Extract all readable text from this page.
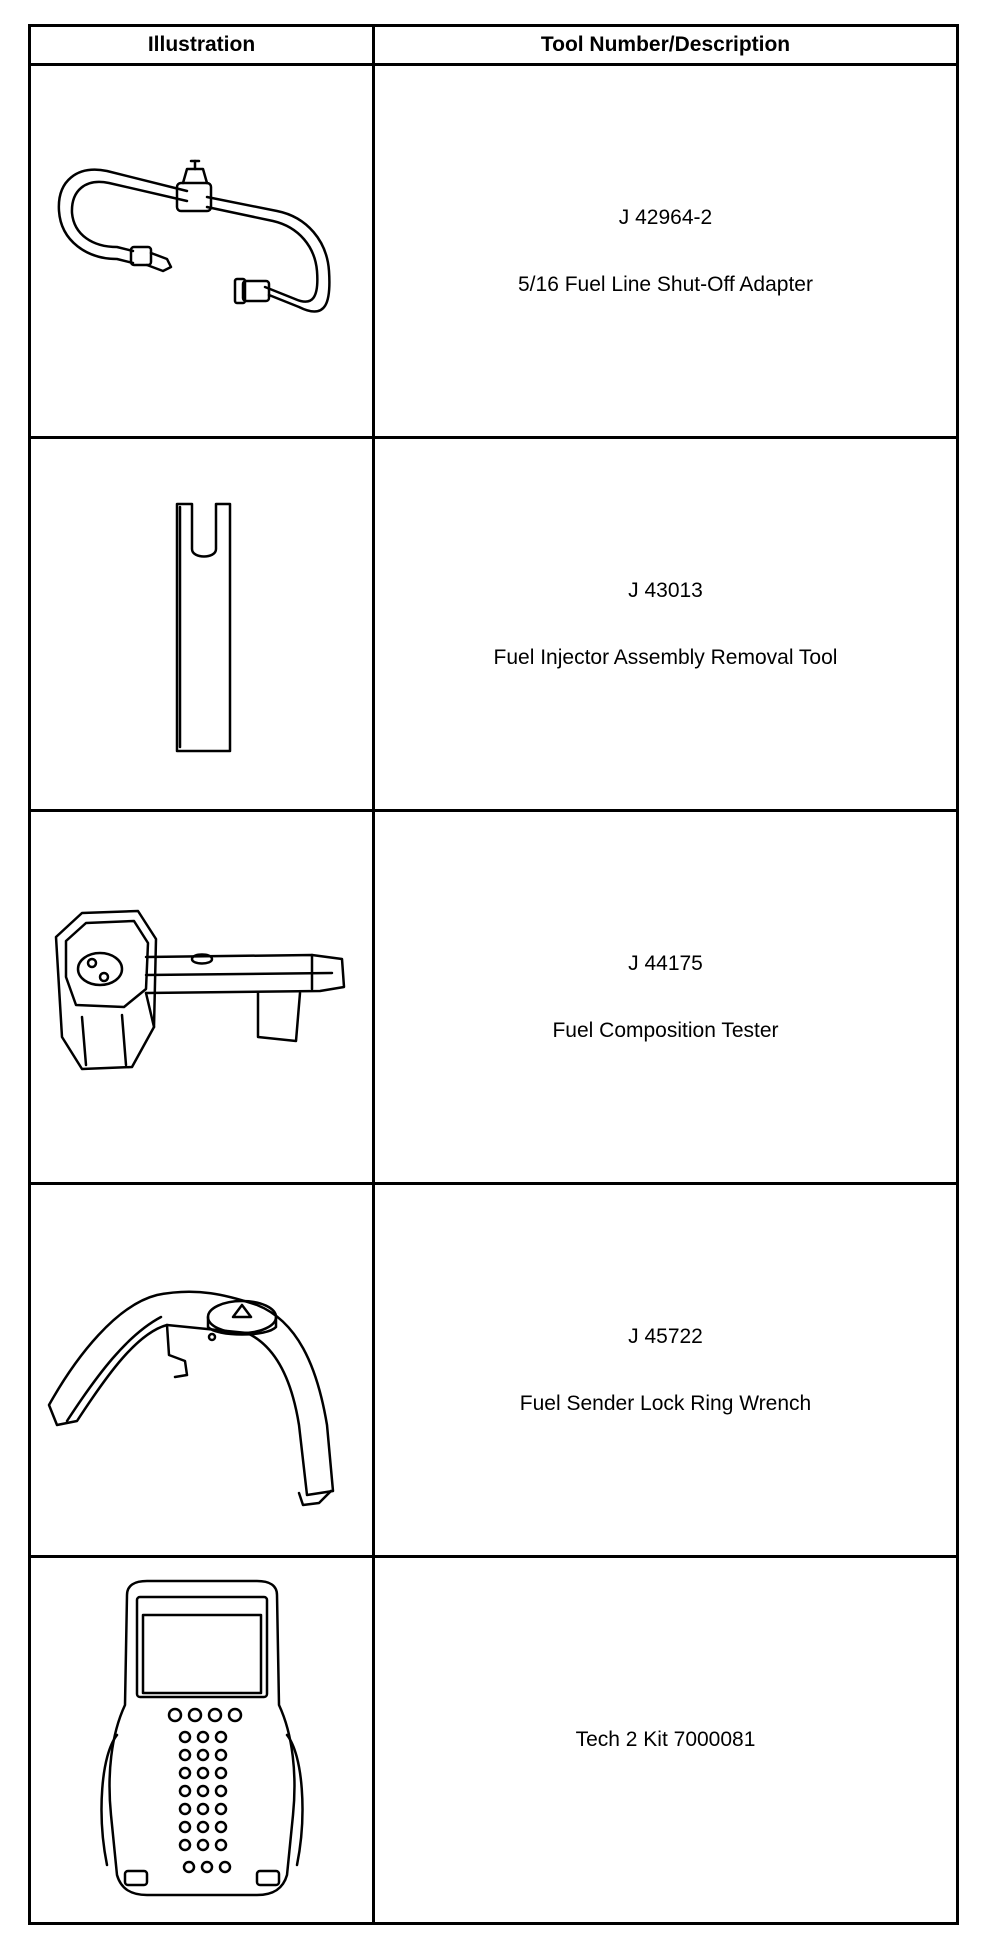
Illustration	Tool Number/Description

J 42964-2
5/16 Fuel Line Shut-Off Adapter

J 43013
Fuel Injector Assembly Removal Tool

J 44175
Fuel Composition Tester

J 45722
Fuel Sender Lock Ring Wrench

Tech 2 Kit 7000081
